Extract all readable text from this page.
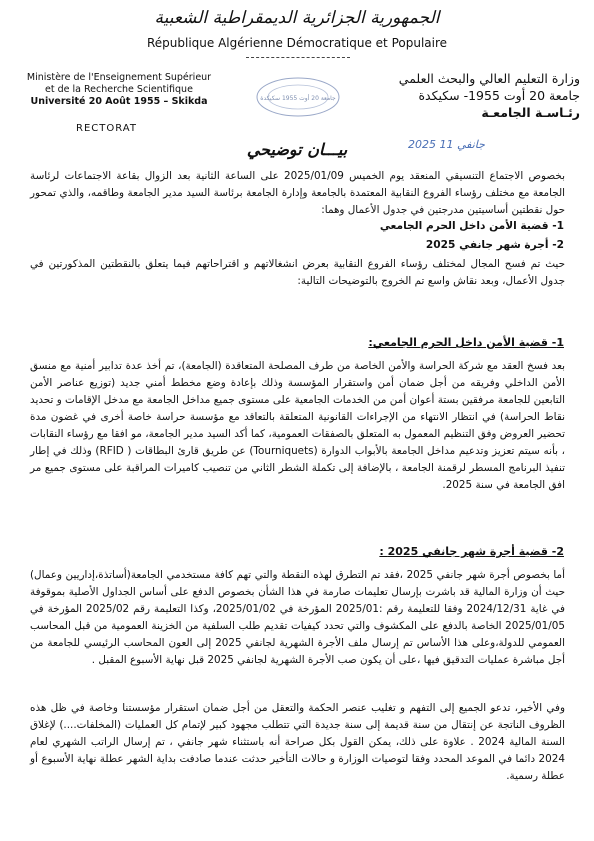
الجمهورية الجزائرية الديمقراطية الشعبية
République Algérienne Démocratique et Populaire
Ministère de l'Enseignement Supérieur
et de la Recherche Scientifique
Université 20 Août 1955 – Skikda
RECTORAT
جامعة 20 أوت 1955 سكيكدة
وزارة التعليم العالي والبحث العلمي
جامعة 20 أوت 1955- سكيكدة
رئـاسـة الجامعـة
2025 جانفي 11
بيـــان توضيحي
بخصوص الاجتماع التنسيقي المنعقد يوم الخميس 2025/01/09 على الساعة الثانية بعد الزوال بقاعة الاجتماعات لرئاسة الجامعة مع مختلف رؤساء الفروع النقابية المعتمدة بالجامعة وإدارة الجامعة برئاسة السيد مدير الجامعة وطاقمه، والذي تمحور حول نقطتين أساسيتين مدرجتين في جدول الأعمال وهما:
1- قضية الأمن داخل الحرم الجامعي
2- أجرة شهر جانفي 2025
حيث تم فسح المجال لمختلف رؤساء الفروع النقابية بعرض انشغالاتهم و اقتراحاتهم فيما يتعلق بالنقطتين المذكورتين في جدول الأعمال، وبعد نقاش واسع تم الخروج بالتوضيحات التالية:
1- قضية الأمن داخل الحرم الجامعي:
بعد فسخ العقد مع شركة الحراسة والأمن الخاصة من طرف المصلحة المتعاقدة (الجامعة)، تم أخذ عدة تدابير أمنية مع منسق الأمن الداخلي وفريقه من أجل ضمان أمن واستقرار المؤسسة وذلك بإعادة وضع مخطط أمني جديد (توزيع عناصر الأمن التابعين للجامعة مرفقين بستة أعوان أمن من الخدمات الجامعية على مستوى جميع مداخل الجامعة مع مدخل الإقامات و تحديد نقاط الحراسة) في انتظار الانتهاء من الإجراءات القانونية المتعلقة بالتعاقد مع مؤسسة حراسة خاصة أخرى في غضون مدة تحضير العروض وفق التنظيم المعمول به المتعلق بالصفقات العمومية، كما أكد السيد مدير الجامعة، مو افقا مع رؤساء النقابات ، بأنه سيتم تعزيز وتدعيم مداخل الجامعة بالأبواب الدوارة (Tourniquets) عن طريق قارئ البطاقات ( RFID) وذلك في إطار تنفيذ البرنامج المسطر لرقمنة الجامعة ، بالإضافة إلى تكملة الشطر الثاني من تنصيب كاميرات المراقبة على مستوى جميع مر افق الجامعة في سنة 2025.
2- قضية أجرة شهر جانفي 2025 :
أما بخصوص أجرة شهر جانفي 2025 ،فقد تم التطرق لهذه النقطة والتي تهم كافة مستخدمي الجامعة(أساتذة،إداريين وعمال) حيث أن وزارة المالية قد باشرت بإرسال تعليمات صارمة في هذا الشأن بخصوص الدفع على أساس الجداول الأصلية بموقوفة في غاية 2024/12/31 وفقا للتعليمة رقم :2025/01 المؤرخة في 2025/01/02، وكذا التعليمة رقم 2025/02 المؤرخة في 2025/01/05 الخاصة بالدفع على المكشوف والتي تحدد كيفيات تقديم طلب السلفية من الخزينة العمومية من قبل المحاسب العمومي للدولة،وعلى هذا الأساس تم إرسال ملف الأجرة الشهرية لجانفي 2025 إلى العون المحاسب الرئيسي للجامعة من أجل مباشرة عمليات التدقيق فيها ،على أن يكون صب الأجرة الشهرية لجانفي 2025 قبل نهاية الأسبوع المقبل .
وفي الأخير، تدعو الجميع إلى التفهم و تغليب عنصر الحكمة والتعقل من أجل ضمان استقرار مؤسستنا وخاصة في ظل هذه الظروف الناتجة عن إنتقال من سنة قديمة إلى سنة جديدة التي تتطلب مجهود كبير لإتمام كل العمليات (المخلفات....) لإغلاق السنة المالية 2024 . علاوة على ذلك، يمكن القول بكل صراحة أنه باستثناء شهر جانفي ، تم إرسال الراتب الشهري لعام 2024 دائما في الموعد المحدد وفقا لتوصيات الوزارة و حالات التأخير حدثت عندما صادفت بداية الشهر عطلة نهاية الأسبوع أو عطلة رسمية.
